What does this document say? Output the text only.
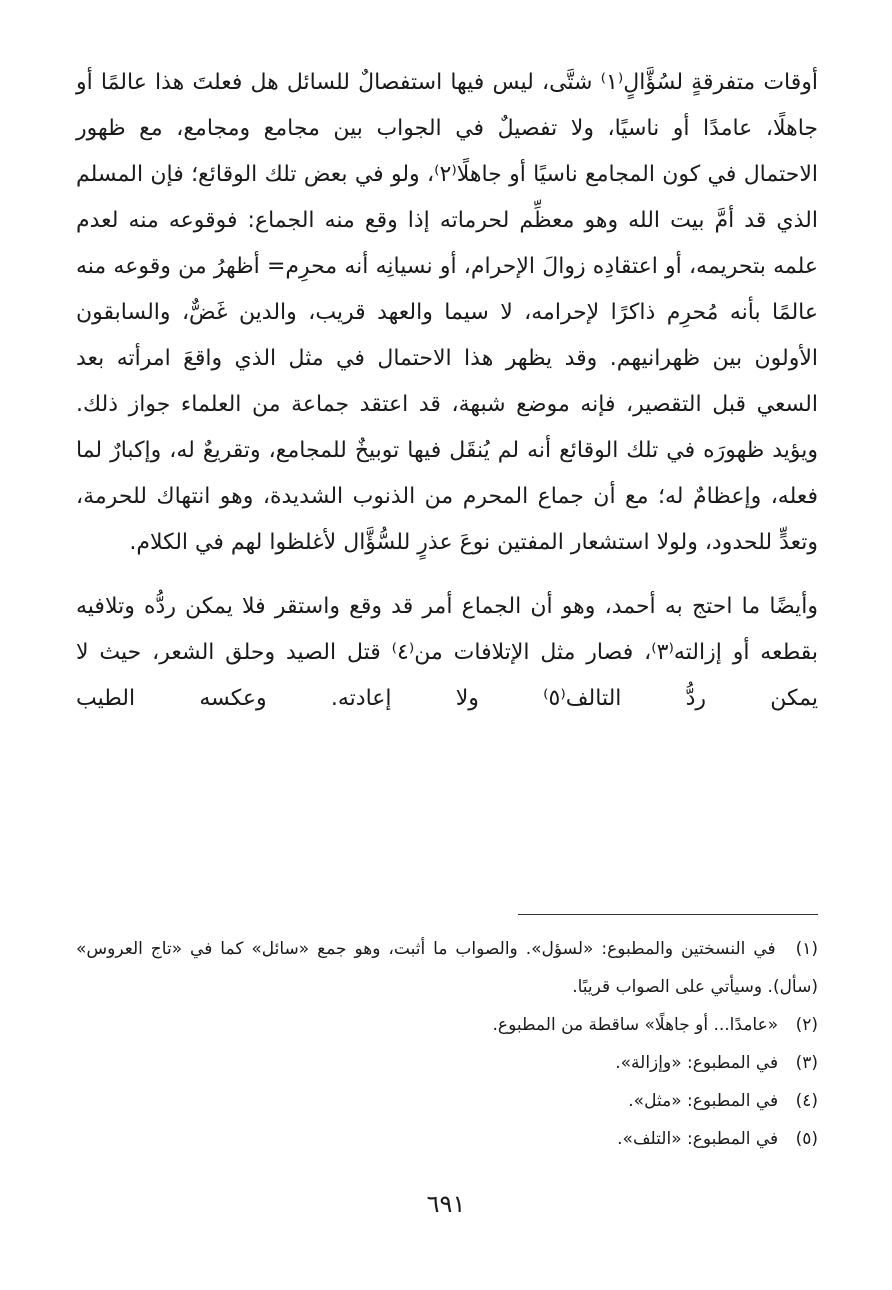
أوقات متفرقةٍ لسُؤَّالٍ⁽١⁾ شتَّى، ليس فيها استفصالٌ للسائل هل فعلتَ هذا عالمًا أو جاهلًا، عامدًا أو ناسيًا، ولا تفصيلٌ في الجواب بين مجامع ومجامع، مع ظهور الاحتمال في كون المجامع ناسيًا أو جاهلًا⁽٢⁾، ولو في بعض تلك الوقائع؛ فإن المسلم الذي قد أمَّ بيت الله وهو معظِّم لحرماته إذا وقع منه الجماع: فوقوعه منه لعدم علمه بتحريمه، أو اعتقادِه زوالَ الإحرام، أو نسيانِه أنه محرِم= أظهرُ من وقوعه منه عالمًا بأنه مُحرِم ذاكرًا لإحرامه، لا سيما والعهد قريب، والدين غَضٌّ، والسابقون الأولون بين ظهرانيهم. وقد يظهر هذا الاحتمال في مثل الذي واقعَ امرأته بعد السعي قبل التقصير، فإنه موضع شبهة، قد اعتقد جماعة من العلماء جواز ذلك. ويؤيد ظهورَه في تلك الوقائع أنه لم يُنقَل فيها توبيخٌ للمجامع، وتقريعٌ له، وإكبارٌ لما فعله، وإعظامٌ له؛ مع أن جماع المحرم من الذنوب الشديدة، وهو انتهاك للحرمة، وتعدٍّ للحدود، ولولا استشعار المفتين نوعَ عذرٍ للسُّؤَّال لأغلظوا لهم في الكلام.

وأيضًا ما احتج به أحمد، وهو أن الجماع أمر قد وقع واستقر فلا يمكن ردُّه وتلافيه بقطعه أو إزالته⁽٣⁾، فصار مثل الإتلافات من⁽٤⁾ قتل الصيد وحلق الشعر، حيث لا يمكن ردُّ التالف⁽٥⁾ ولا إعادته. وعكسه الطيب

(١) في النسختين والمطبوع: «لسؤل». والصواب ما أثبت، وهو جمع «سائل» كما في «تاج العروس» (سأل). وسيأتي على الصواب قريبًا.

(٢) «عامدًا... أو جاهلًا» ساقطة من المطبوع.

(٣) في المطبوع: «وإزالة».

(٤) في المطبوع: «مثل».

(٥) في المطبوع: «التلف».

٦٩١
